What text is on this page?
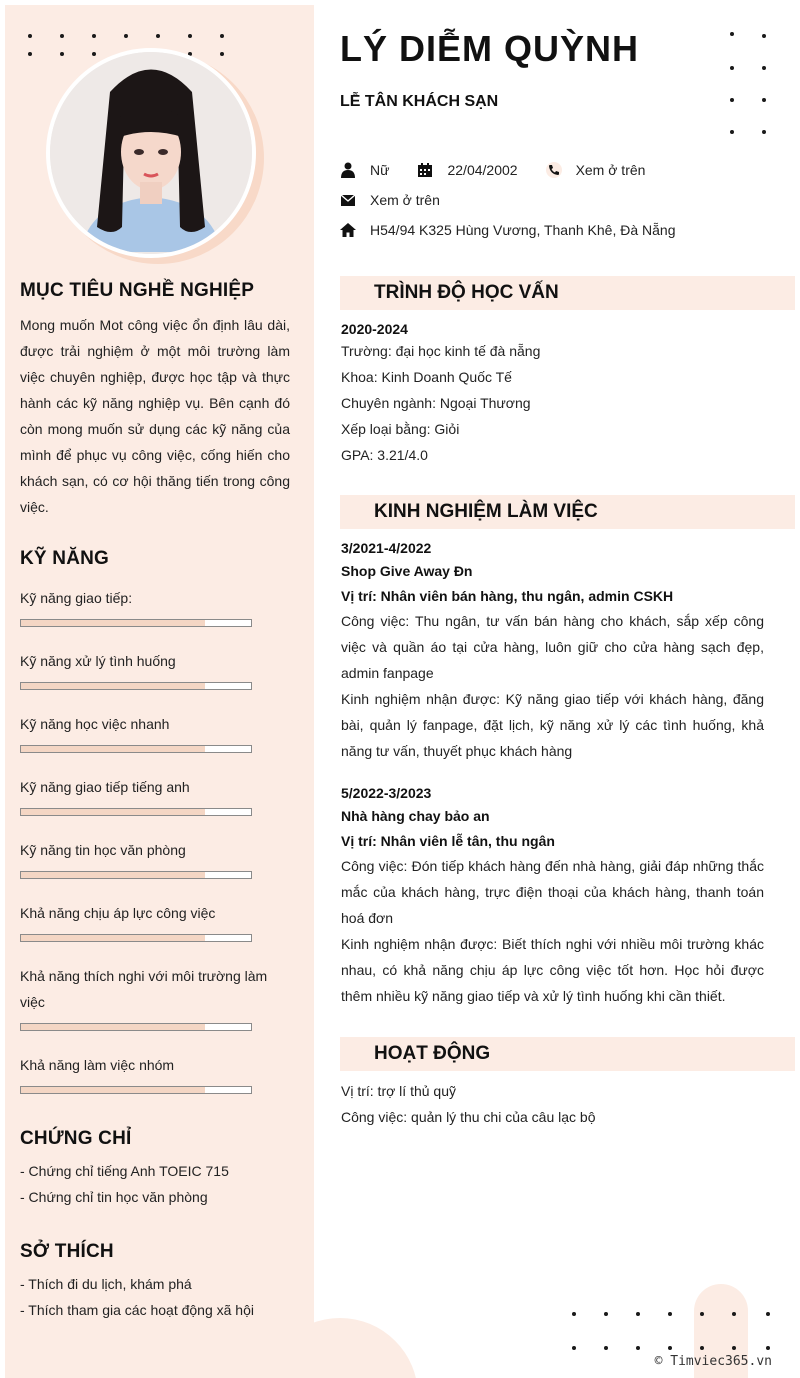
MỤC TIÊU NGHỀ NGHIỆP
Mong muốn Mot công việc ổn định lâu dài, được trải nghiệm ở một môi trường làm việc chuyên nghiệp, được học tập và thực hành các kỹ năng nghiệp vụ. Bên cạnh đó còn mong muốn sử dụng các kỹ năng của mình để phục vụ công việc, cống hiến cho khách sạn, có cơ hội thăng tiến trong công việc.
KỸ NĂNG
Kỹ năng giao tiếp:
Kỹ năng xử lý tình huống
Kỹ năng học việc nhanh
Kỹ năng giao tiếp tiếng anh
Kỹ năng tin học văn phòng
Khả năng chịu áp lực công việc
Khả năng thích nghi với môi trường làm việc
Khả năng làm việc nhóm
CHỨNG CHỈ
- Chứng chỉ tiếng Anh TOEIC 715
- Chứng chỉ tin học văn phòng
SỞ THÍCH
- Thích đi du lịch, khám phá
- Thích tham gia các hoạt động xã hội
LÝ DIỄM QUỲNH
LỄ TÂN KHÁCH SẠN
Nữ	22/04/2002	Xem ở trên
Xem ở trên
H54/94 K325 Hùng Vương, Thanh Khê, Đà Nẵng
TRÌNH ĐỘ HỌC VẤN
2020-2024
Trường: đại học kinh tế đà nẵng
Khoa: Kinh Doanh Quốc Tế
Chuyên ngành: Ngoại Thương
Xếp loại bằng: Giỏi
GPA: 3.21/4.0
KINH NGHIỆM LÀM VIỆC
3/2021-4/2022
Shop Give Away Đn
Vị trí: Nhân viên bán hàng, thu ngân, admin CSKH
Công việc: Thu ngân, tư vấn bán hàng cho khách, sắp xếp công việc và quần áo tại cửa hàng, luôn giữ cho cửa hàng sạch đẹp, admin fanpage
Kinh nghiệm nhận được: Kỹ năng giao tiếp với khách hàng, đăng bài, quản lý fanpage, đặt lịch, kỹ năng xử lý các tình huống, khả năng tư vấn, thuyết phục khách hàng
5/2022-3/2023
Nhà hàng chay bảo an
Vị trí: Nhân viên lễ tân, thu ngân
Công việc: Đón tiếp khách hàng đến nhà hàng, giải đáp những thắc mắc của khách hàng, trực điện thoại của khách hàng, thanh toán hoá đơn
Kinh nghiệm nhận được: Biết thích nghi với nhiều môi trường khác nhau, có khả năng chịu áp lực công việc tốt hơn. Học hỏi được thêm nhiều kỹ năng giao tiếp và xử lý tình huống khi cần thiết.
HOẠT ĐỘNG
Vị trí: trợ lí thủ quỹ
Công việc: quản lý thu chi của câu lạc bộ
© Timviec365.vn
